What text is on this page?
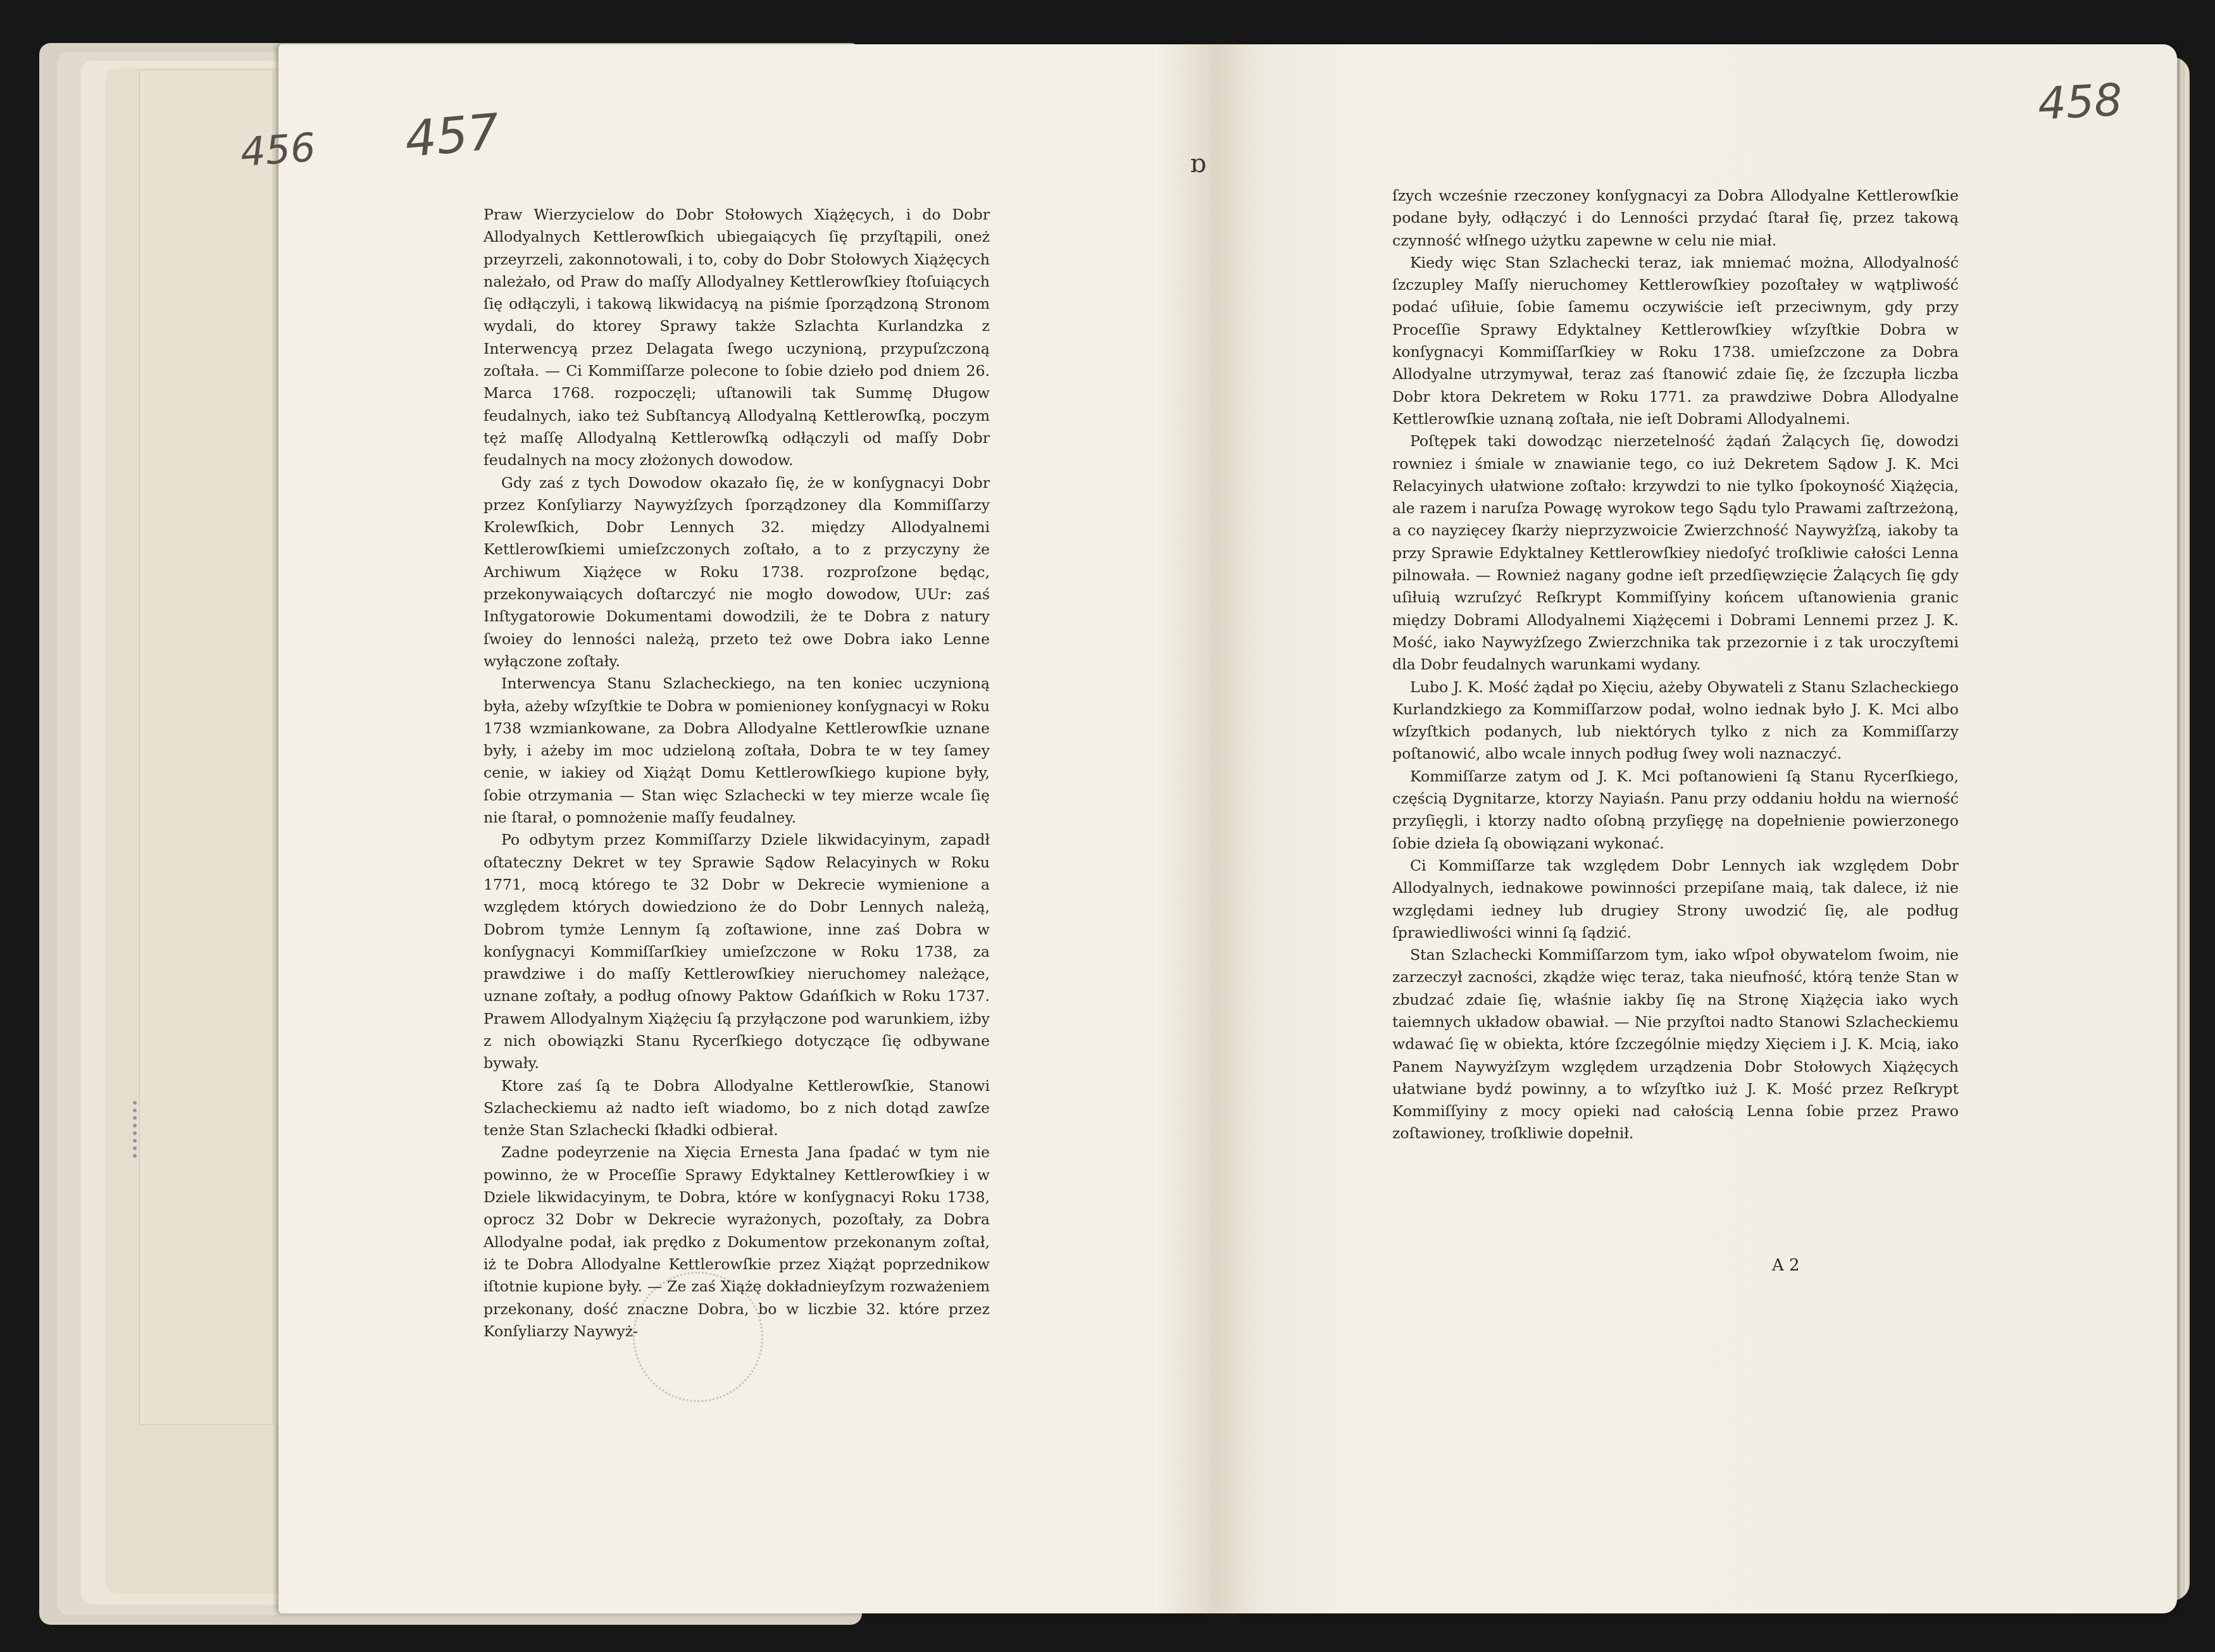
456 457
458
ɒ

Praw Wierzycielow do Dobr Stołowych Xiążęcych, i do Dobr Allodyalnych Kettlerowſkich ubiegaiących ſię przyſtąpili, oneż przeyrzeli, zakonnotowali, i to, coby do Dobr Stołowych Xiążęcych należało, od Praw do maſſy Allodyalney Kettlerowſkiey ſtoſuiących ſię odłączyli, i takową likwidacyą na piśmie ſporządzoną Stronom wydali, do ktorey Sprawy także Szlachta Kurlandzka z Interwencyą przez Delagata ſwego uczynioną, przypuſzczoną zoſtała. — Ci Kommiſſarze polecone to ſobie dzieło pod dniem 26. Marca 1768. rozpoczęli; uſtanowili tak Summę Długow feudalnych, iako też Subſtancyą Allodyalną Kettlerowſką, poczym tęż maſſę Allodyalną Kettlerowſką odłączyli od maſſy Dobr feudalnych na mocy złożonych dowodow.

Gdy zaś z tych Dowodow okazało ſię, że w konſygnacyi Dobr przez Konſyliarzy Naywyżſzych ſporządzoney dla Kommiſſarzy Krolewſkich, Dobr Lennych 32. między Allodyalnemi Kettlerowſkiemi umieſzczonych zoſtało, a to z przyczyny że Archiwum Xiążęce w Roku 1738. rozproſzone będąc, przekonywaiących doſtarczyć nie mogło dowodow, UUr: zaś Inſtygatorowie Dokumentami dowodzili, że te Dobra z natury ſwoiey do lenności należą, przeto też owe Dobra iako Lenne wyłączone zoſtały.

Interwencya Stanu Szlacheckiego, na ten koniec uczynioną była, ażeby wſzyſtkie te Dobra w pomienioney konſygnacyi w Roku 1738 wzmiankowane, za Dobra Allodyalne Kettlerowſkie uznane były, i ażeby im moc udzieloną zoſtała, Dobra te w tey ſamey cenie, w iakiey od Xiążąt Domu Kettlerowſkiego kupione były, ſobie otrzymania — Stan więc Szlachecki w tey mierze wcale ſię nie ſtarał, o pomnożenie maſſy feudalney.

Po odbytym przez Kommiſſarzy Dziele likwidacyinym, zapadł oſtateczny Dekret w tey Sprawie Sądow Relacyinych w Roku 1771, mocą którego te 32 Dobr w Dekrecie wymienione a względem których dowiedziono że do Dobr Lennych należą, Dobrom tymże Lennym ſą zoſtawione, inne zaś Dobra w konſygnacyi Kommiſſarſkiey umieſzczone w Roku 1738, za prawdziwe i do maſſy Kettlerowſkiey nieruchomey należące, uznane zoſtały, a podług oſnowy Paktow Gdańſkich w Roku 1737. Prawem Allodyalnym Xiążęciu ſą przyłączone pod warunkiem, iżby z nich obowiązki Stanu Rycerſkiego dotyczące ſię odbywane bywały.

Ktore zaś ſą te Dobra Allodyalne Kettlerowſkie, Stanowi Szlacheckiemu aż nadto ieſt wiadomo, bo z nich dotąd zawſze tenże Stan Szlachecki ſkładki odbierał.

Zadne podeyrzenie na Xięcia Ernesta Jana ſpadać w tym nie powinno, że w Proceſſie Sprawy Edyktalney Kettlerowſkiey i w Dziele likwidacyinym, te Dobra, które w konſygnacyi Roku 1738, oprocz 32 Dobr w Dekrecie wyrażonych, pozoſtały, za Dobra Allodyalne podał, iak prędko z Dokumentow przekonanym zoſtał, iż te Dobra Allodyalne Kettlerowſkie przez Xiążąt poprzednikow iſtotnie kupione były. — Ze zaś Xiążę dokładnieyſzym rozważeniem przekonany, dość znaczne Dobra, bo w liczbie 32. które przez Konſyliarzy Naywyż-

ſzych wcześnie rzeczoney konſygnacyi za Dobra Allodyalne Kettlerowſkie podane były, odłączyć i do Lenności przydać ſtarał ſię, przez takową czynność włſnego użytku zapewne w celu nie miał.

Kiedy więc Stan Szlachecki teraz, iak mniemać można, Allodyalność ſzczupley Maſſy nieruchomey Kettlerowſkiey pozoſtałey w wątpliwość podać uſiłuie, ſobie ſamemu oczywiście ieſt przeciwnym, gdy przy Proceſſie Sprawy Edyktalney Kettlerowſkiey wſzyſtkie Dobra w konſygnacyi Kommiſſarſkiey w Roku 1738. umieſzczone za Dobra Allodyalne utrzymywał, teraz zaś ſtanowić zdaie ſię, że ſzczupła liczba Dobr ktora Dekretem w Roku 1771. za prawdziwe Dobra Allodyalne Kettlerowſkie uznaną zoſtała, nie ieſt Dobrami Allodyalnemi.

Poſtępek taki dowodząc nierzetelność żądań Żalących ſię, dowodzi rowniez i śmiale w znawianie tego, co iuż Dekretem Sądow J. K. Mci Relacyinych ułatwione zoſtało: krzywdzi to nie tylko ſpokoyność Xiążęcia, ale razem i naruſza Powagę wyrokow tego Sądu tylo Prawami zaſtrzeżoną, a co nayzięcey ſkarży nieprzyzwoicie Zwierzchność Naywyżſzą, iakoby ta przy Sprawie Edyktalney Kettlerowſkiey niedoſyć troſkliwie całości Lenna pilnowała. — Rownież nagany godne ieſt przedſięwzięcie Żalących ſię gdy uſiłuią wzruſzyć Reſkrypt Kommiſſyiny końcem uſtanowienia granic między Dobrami Allodyalnemi Xiążęcemi i Dobrami Lennemi przez J. K. Mość, iako Naywyżſzego Zwierzchnika tak przezornie i z tak uroczyſtemi dla Dobr feudalnych warunkami wydany.

Lubo J. K. Mość żądał po Xięciu, ażeby Obywateli z Stanu Szlacheckiego Kurlandzkiego za Kommiſſarzow podał, wolno iednak było J. K. Mci albo wſzyſtkich podanych, lub niektórych tylko z nich za Kommiſſarzy poſtanowić, albo wcale innych podług ſwey woli naznaczyć.

Kommiſſarze zatym od J. K. Mci poſtanowieni ſą Stanu Rycerſkiego, częścią Dygnitarze, ktorzy Nayiaśn. Panu przy oddaniu hołdu na wierność przyſięgli, i ktorzy nadto oſobną przyſięgę na dopełnienie powierzonego ſobie dzieła ſą obowiązani wykonać.

Ci Kommiſſarze tak względem Dobr Lennych iak względem Dobr Allodyalnych, iednakowe powinności przepiſane maią, tak dalece, iż nie względami iedney lub drugiey Strony uwodzić ſię, ale podług ſprawiedliwości winni ſą ſądzić.

Stan Szlachecki Kommiſſarzom tym, iako wſpoł obywatelom ſwoim, nie zarzeczył zacności, zkądże więc teraz, taka nieufność, którą tenże Stan w zbudzać zdaie ſię, właśnie iakby ſię na Stronę Xiążęcia iako wych taiemnych układow obawiał. — Nie przyſtoi nadto Stanowi Szlacheckiemu wdawać ſię w obiekta, które ſzczególnie między Xięciem i J. K. Mcią, iako Panem Naywyżſzym względem urządzenia Dobr Stołowych Xiążęcych ułatwiane bydź powinny, a to wſzyſtko iuż J. K. Mość przez Reſkrypt Kommiſſyiny z mocy opieki nad całością Lenna ſobie przez Prawo zoſtawioney, troſkliwie dopełnił.

A 2
